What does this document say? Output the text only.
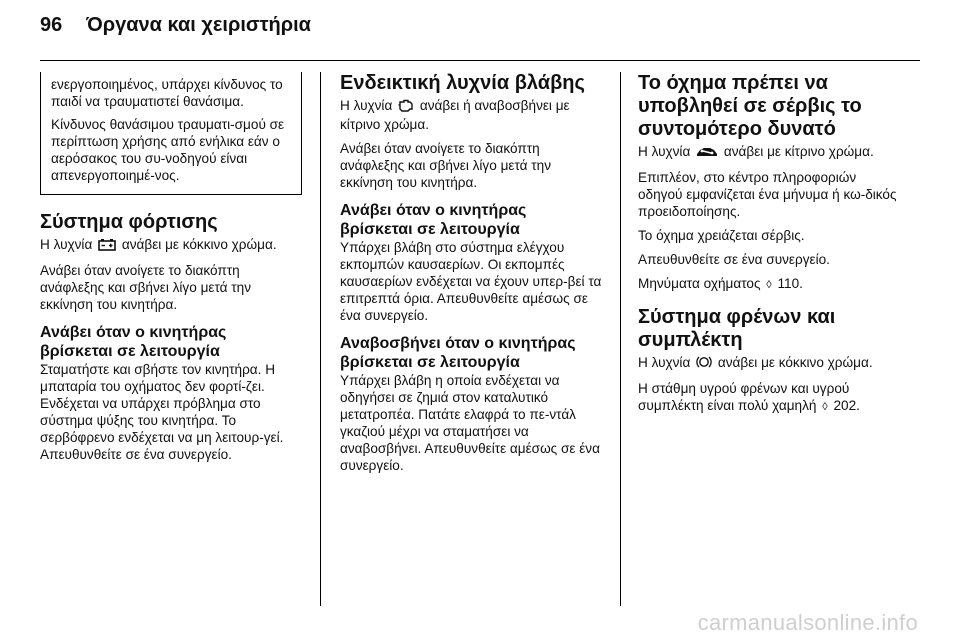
96 Όργανα και χειριστήρια

ενεργοποιημένος, υπάρχει κίνδυνος το παιδί να τραυματιστεί θανάσιμα.

Κίνδυνος θανάσιμου τραυματι‑σμού σε περίπτωση χρήσης από ενήλικα εάν ο αερόσακος του συ‑νοδηγού είναι απενεργοποιημέ‑νος.

Σύστημα φόρτισης

Η λυχνία ανάβει με κόκκινο χρώμα.

Ανάβει όταν ανοίγετε το διακόπτη ανάφλεξης και σβήνει λίγο μετά την εκκίνηση του κινητήρα.

Ανάβει όταν ο κινητήρας βρίσκεται σε λειτουργία

Σταματήστε και σβήστε τον κινητήρα. Η μπαταρία του οχήματος δεν φορτί‑ζει. Ενδέχεται να υπάρχει πρόβλημα στο σύστημα ψύξης του κινητήρα. Το σερβόφρενο ενδέχεται να μη λειτουρ‑γεί. Απευθυνθείτε σε ένα συνεργείο.

Ενδεικτική λυχνία βλάβης

Η λυχνία ανάβει ή αναβοσβήνει με κίτρινο χρώμα.

Ανάβει όταν ανοίγετε το διακόπτη ανάφλεξης και σβήνει λίγο μετά την εκκίνηση του κινητήρα.

Ανάβει όταν ο κινητήρας βρίσκεται σε λειτουργία

Υπάρχει βλάβη στο σύστημα ελέγχου εκπομπών καυσαερίων. Οι εκπομπές καυσαερίων ενδέχεται να έχουν υπερ‑βεί τα επιτρεπτά όρια. Απευθυνθείτε αμέσως σε ένα συνεργείο.

Αναβοσβήνει όταν ο κινητήρας βρίσκεται σε λειτουργία

Υπάρχει βλάβη η οποία ενδέχεται να οδηγήσει σε ζημιά στον καταλυτικό μετατροπέα. Πατάτε ελαφρά το πε‑ντάλ γκαζιού μέχρι να σταματήσει να αναβοσβήνει. Απευθυνθείτε αμέσως σε ένα συνεργείο.

Το όχημα πρέπει να υποβληθεί σε σέρβις το συντομότερο δυνατό

Η λυχνία ανάβει με κίτρινο χρώμα.

Επιπλέον, στο κέντρο πληροφοριών οδηγού εμφανίζεται ένα μήνυμα ή κω‑δικός προειδοποίησης.

Το όχημα χρειάζεται σέρβις.

Απευθυνθείτε σε ένα συνεργείο.

Μηνύματα οχήματος ◊ 110.

Σύστημα φρένων και συμπλέκτη

Η λυχνία ανάβει με κόκκινο χρώμα.

Η στάθμη υγρού φρένων και υγρού συμπλέκτη είναι πολύ χαμηλή ◊ 202.

carmanualsonline.info
